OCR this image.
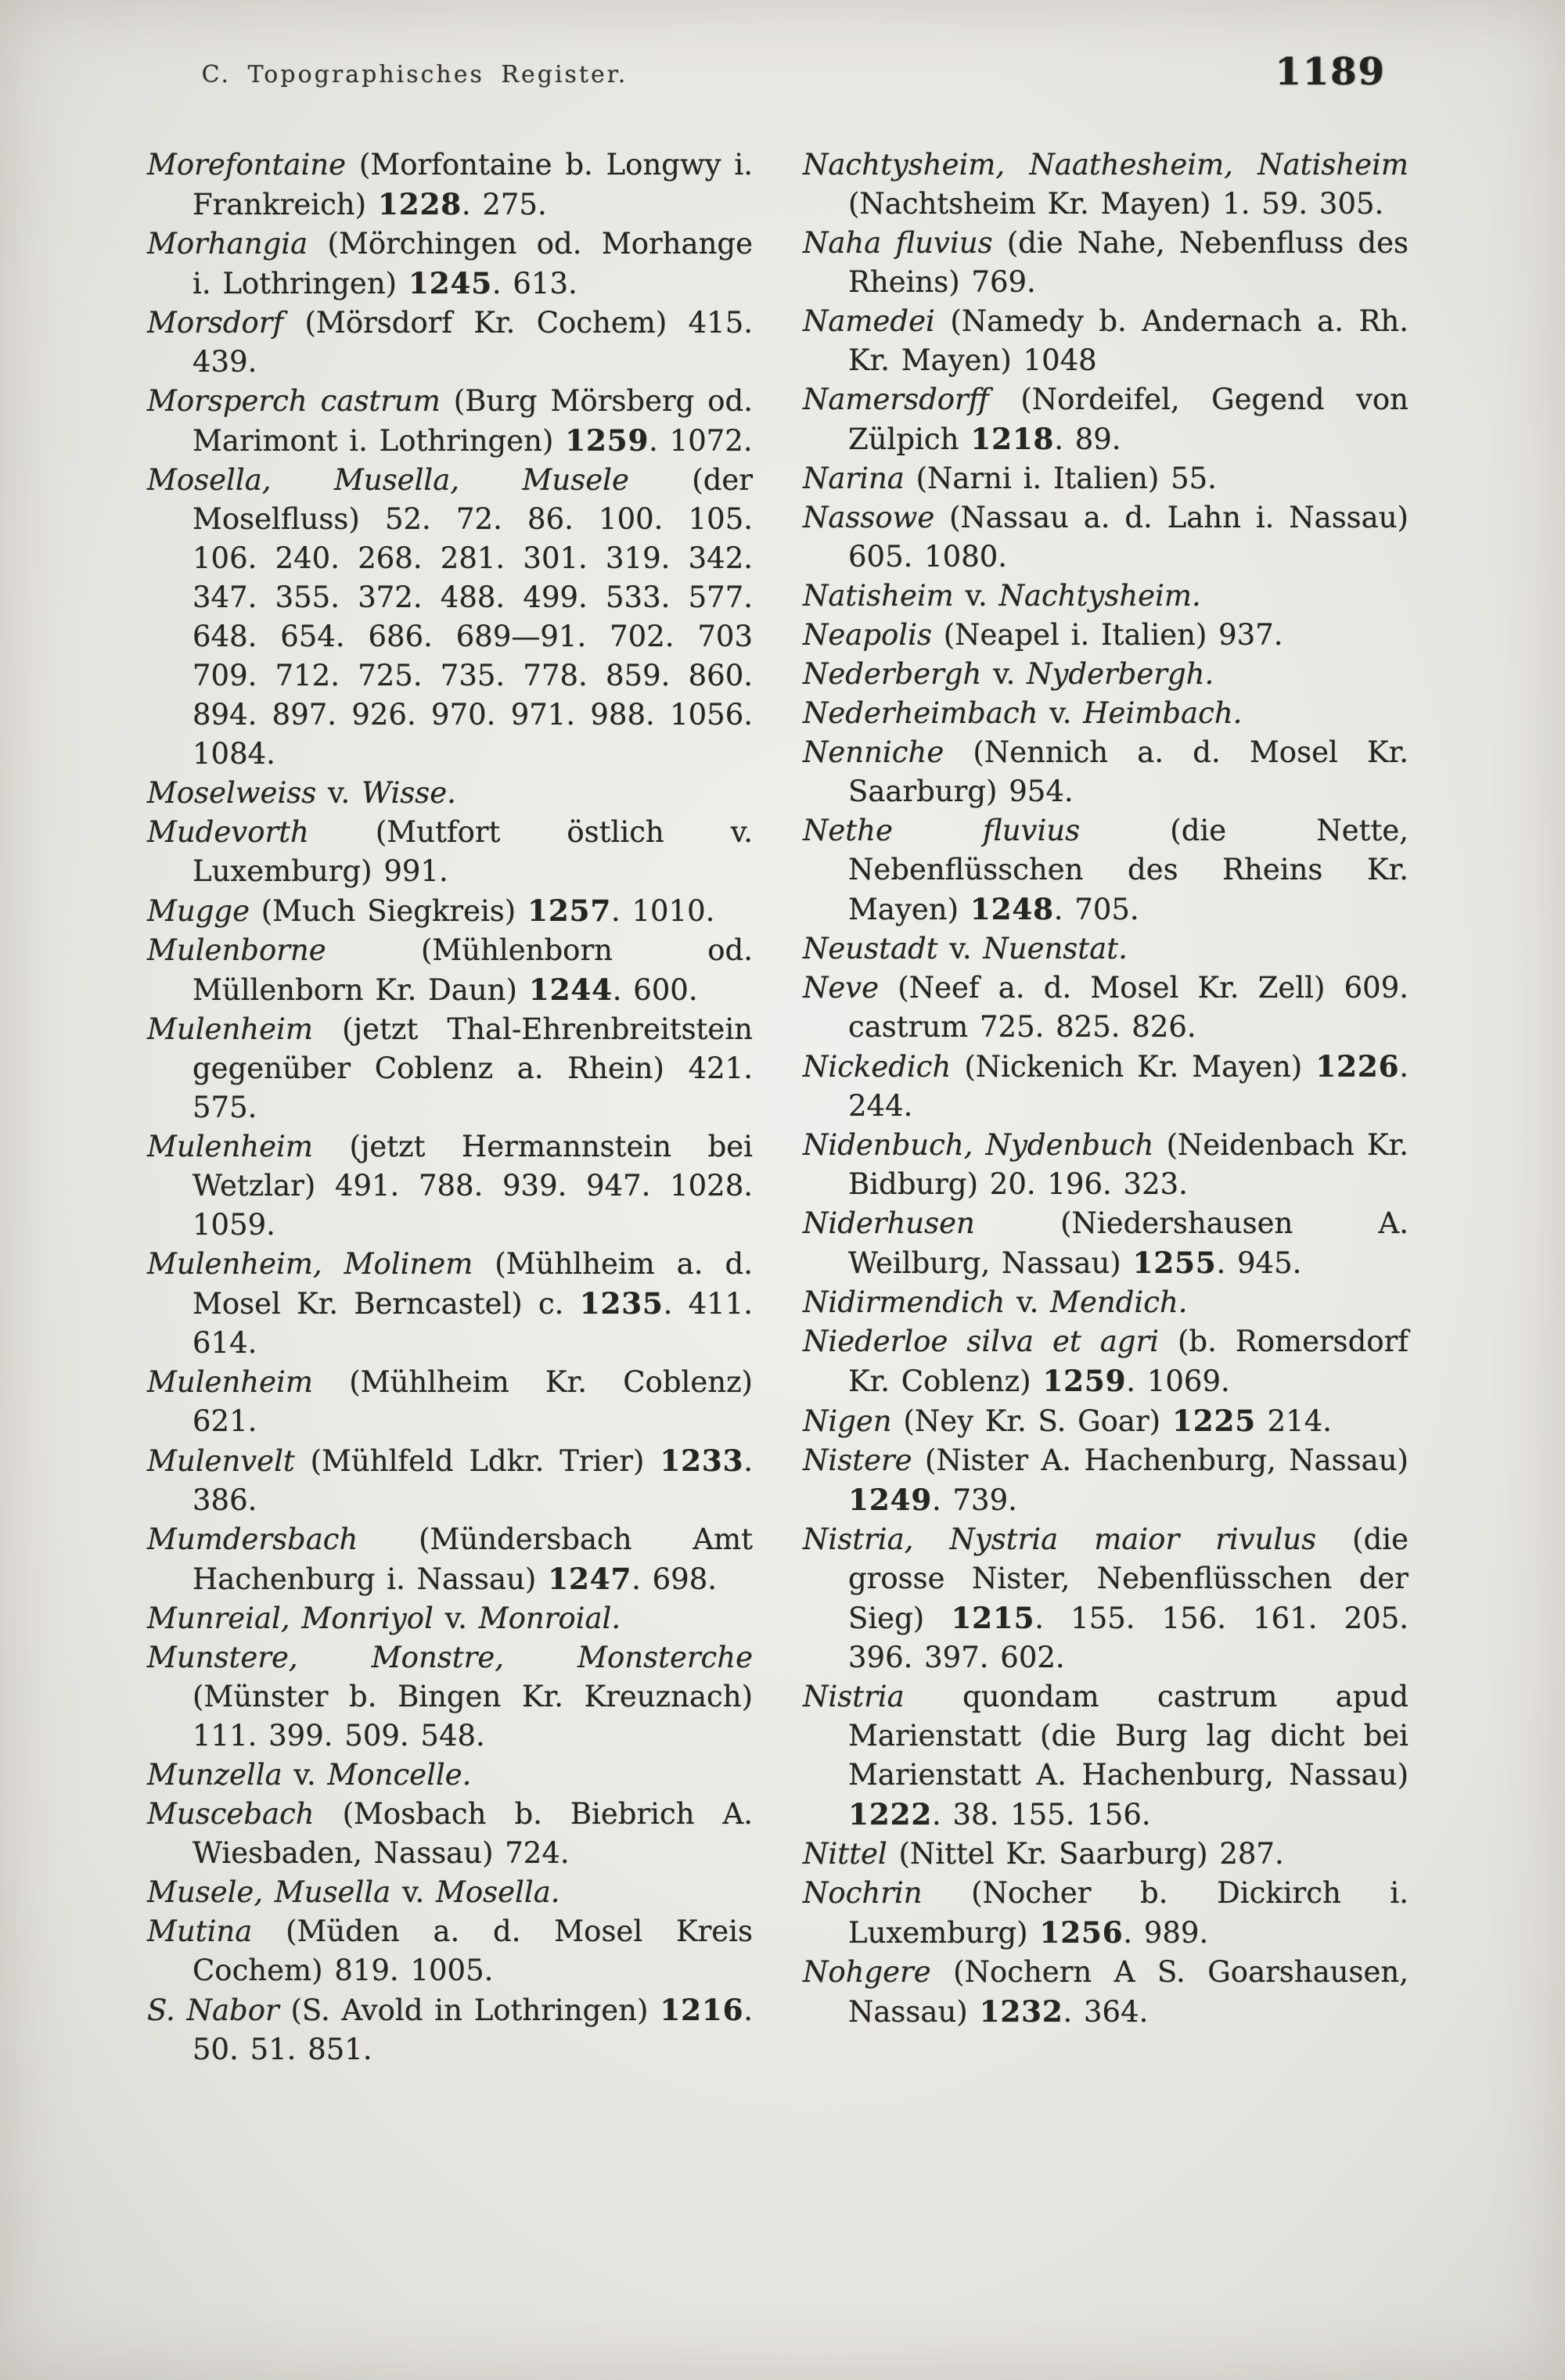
C. Topographisches Register.	1189

Morefontaine (Morfontaine b. Longwy i. Frankreich) 1228. 275.

Morhangia (Mörchingen od. Morhange i. Lothringen) 1245. 613.

Morsdorf (Mörsdorf Kr. Cochem) 415. 439.

Morsperch castrum (Burg Mörsberg od. Marimont i. Lothringen) 1259. 1072.

Mosella, Musella, Musele (der Moselfluss) 52. 72. 86. 100. 105. 106. 240. 268. 281. 301. 319. 342. 347. 355. 372. 488. 499. 533. 577. 648. 654. 686. 689—91. 702. 703 709. 712. 725. 735. 778. 859. 860. 894. 897. 926. 970. 971. 988. 1056. 1084.

Moselweiss v. Wisse.

Mudevorth (Mutfort östlich v. Luxemburg) 991.

Mugge (Much Siegkreis) 1257. 1010.

Mulenborne (Mühlenborn od. Müllenborn Kr. Daun) 1244. 600.

Mulenheim (jetzt Thal-Ehrenbreitstein gegenüber Coblenz a. Rhein) 421. 575.

Mulenheim (jetzt Hermannstein bei Wetzlar) 491. 788. 939. 947. 1028. 1059.

Mulenheim, Molinem (Mühlheim a. d. Mosel Kr. Berncastel) c. 1235. 411. 614.

Mulenheim (Mühlheim Kr. Coblenz) 621.

Mulenvelt (Mühlfeld Ldkr. Trier) 1233. 386.

Mumdersbach (Mündersbach Amt Hachenburg i. Nassau) 1247. 698.

Munreial, Monriyol v. Monroial.

Munstere, Monstre, Monsterche (Münster b. Bingen Kr. Kreuznach) 111. 399. 509. 548.

Munzella v. Moncelle.

Muscebach (Mosbach b. Biebrich A. Wiesbaden, Nassau) 724.

Musele, Musella v. Mosella.

Mutina (Müden a. d. Mosel Kreis Cochem) 819. 1005.

S. Nabor (S. Avold in Lothringen) 1216. 50. 51. 851.

Nachtysheim, Naathesheim, Natisheim (Nachtsheim Kr. Mayen) 1. 59. 305.

Naha fluvius (die Nahe, Nebenfluss des Rheins) 769.

Namedei (Namedy b. Andernach a. Rh. Kr. Mayen) 1048

Namersdorff (Nordeifel, Gegend von Zülpich 1218. 89.

Narina (Narni i. Italien) 55.

Nassowe (Nassau a. d. Lahn i. Nassau) 605. 1080.

Natisheim v. Nachtysheim.

Neapolis (Neapel i. Italien) 937.

Nederbergh v. Nyderbergh.

Nederheimbach v. Heimbach.

Nenniche (Nennich a. d. Mosel Kr. Saarburg) 954.

Nethe fluvius (die Nette, Nebenflüsschen des Rheins Kr. Mayen) 1248. 705.

Neustadt v. Nuenstat.

Neve (Neef a. d. Mosel Kr. Zell) 609. castrum 725. 825. 826.

Nickedich (Nickenich Kr. Mayen) 1226. 244.

Nidenbuch, Nydenbuch (Neidenbach Kr. Bidburg) 20. 196. 323.

Niderhusen (Niedershausen A. Weilburg, Nassau) 1255. 945.

Nidirmendich v. Mendich.

Niederloe silva et agri (b. Romersdorf Kr. Coblenz) 1259. 1069.

Nigen (Ney Kr. S. Goar) 1225 214.

Nistere (Nister A. Hachenburg, Nassau) 1249. 739.

Nistria, Nystria maior rivulus (die grosse Nister, Nebenflüsschen der Sieg) 1215. 155. 156. 161. 205. 396. 397. 602.

Nistria quondam castrum apud Marienstatt (die Burg lag dicht bei Marienstatt A. Hachenburg, Nassau) 1222. 38. 155. 156.

Nittel (Nittel Kr. Saarburg) 287.

Nochrin (Nocher b. Dickirch i. Luxemburg) 1256. 989.

Nohgere (Nochern A S. Goarshausen, Nassau) 1232. 364.
